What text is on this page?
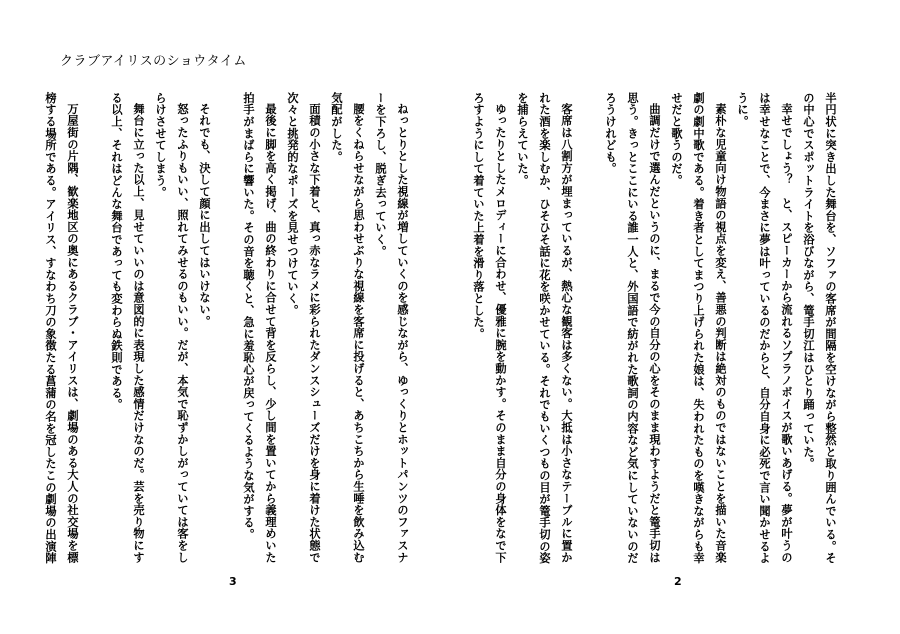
クラブアイリスのショウタイム

ねっとりとした視線が増していくのを感じながら、ゆっくりとホットパンツのファスナーを下ろし、脱ぎ去っていく。

腰をくねらせながら思わせぶりな視線を客席に投げると、あちこちから生唾を飲み込む気配がした。

面積の小さな下着と、真っ赤なラメに彩られたダンスシューズだけを身に着けた状態で次々と挑発的なポーズを見せつけていく。

最後に脚を高く掲げ、曲の終わりに合せて背を反らし、少し間を置いてから義理めいた拍手がまばらに響いた。その音を聴くと、急に羞恥心が戻ってくるような気がする。

それでも、決して顔に出してはいけない。

怒ったふりもいい、照れてみせるのもいい。だが、本気で恥ずかしがっていては客をしらけさせてしまう。

舞台に立った以上、見せていいのは意図的に表現した感情だけなのだ。芸を売り物にする以上、それはどんな舞台であっても変わらぬ鉄則である。

万屋街の片隅、歓楽地区の奥にあるクラブ・アイリスは、劇場のある大人の社交場を標榜する場所である。アイリス、すなわち刀の象徴たる菖蒲の名を冠したこの劇場の出演陣

3

半円状に突き出した舞台を、ソファの客席が間隔を空けながら整然と取り囲んでいる。その中心でスポットライトを浴びながら、篭手切江はひとり踊っていた。

幸せでしょう？　と、スピーカーから流れるソプラノボイスが歌いあげる。夢が叶うのは幸せなことで、今まさに夢は叶っているのだからと、自分自身に必死で言い聞かせるように。

素朴な児童向け物語の視点を変え、善悪の判断は絶対のものではないことを描いた音楽劇の劇中歌である。着き者としてまつり上げられた娘は、失われたものを嘆きながらも幸せだと歌うのだ。

曲調だけで選んだというのに、まるで今の自分の心をそのまま現わすようだと篭手切は思う。きっとここにいる誰一人と、外国語で紡がれた歌詞の内容など気にしていないのだろうけれども。

客席は八割方が埋まっているが、熱心な観客は多くない。大抵は小さなテーブルに置かれた酒を楽しむか、ひそひそ話に花を咲かせている。それでもいくつもの目が篭手切の姿を捕らえていた。

ゆったりとしたメロディーに合わせ、優雅に腕を動かす。そのまま自分の身体をなで下ろすようにして着ていた上着を滑り落とした。

2
